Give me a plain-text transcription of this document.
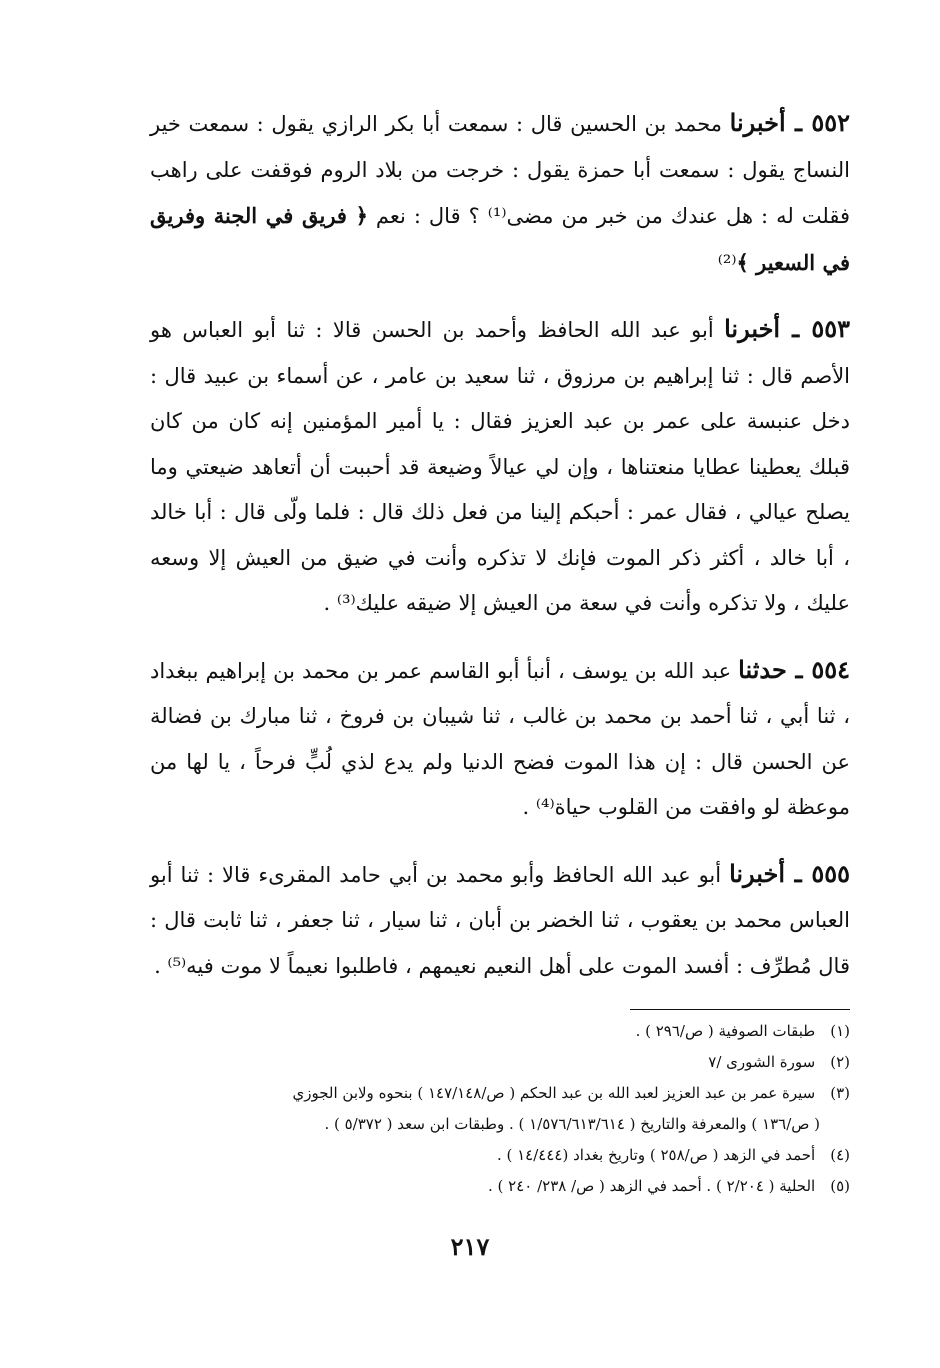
٥٥٢ ـ أخبرنا محمد بن الحسين قال : سمعت أبا بكر الرازي يقول : سمعت خير النساج يقول : سمعت أبا حمزة يقول : خرجت من بلاد الروم فوقفت على راهب فقلت له : هل عندك من خبر من مضى⁽¹⁾ ؟ قال : نعم ﴿ فريق في الجنة وفريق في السعير ﴾⁽²⁾

٥٥٣ ـ أخبرنا أبو عبد الله الحافظ وأحمد بن الحسن قالا : ثنا أبو العباس هو الأصم قال : ثنا إبراهيم بن مرزوق ، ثنا سعيد بن عامر ، عن أسماء بن عبيد قال : دخل عنبسة على عمر بن عبد العزيز فقال : يا أمير المؤمنين إنه كان من كان قبلك يعطينا عطايا منعتناها ، وإن لي عيالاً وضيعة قد أحببت أن أتعاهد ضيعتي وما يصلح عيالي ، فقال عمر : أحبكم إلينا من فعل ذلك قال : فلما ولّى قال : أبا خالد ، أبا خالد ، أكثر ذكر الموت فإنك لا تذكره وأنت في ضيق من العيش إلا وسعه عليك ، ولا تذكره وأنت في سعة من العيش إلا ضيقه عليك⁽³⁾ .

٥٥٤ ـ حدثنا عبد الله بن يوسف ، أنبأ أبو القاسم عمر بن محمد بن إبراهيم ببغداد ، ثنا أبي ، ثنا أحمد بن محمد بن غالب ، ثنا شيبان بن فروخ ، ثنا مبارك بن فضالة عن الحسن قال : إن هذا الموت فضح الدنيا ولم يدع لذي لُبٍّ فرحاً ، يا لها من موعظة لو وافقت من القلوب حياة⁽⁴⁾ .

٥٥٥ ـ أخبرنا أبو عبد الله الحافظ وأبو محمد بن أبي حامد المقرىء قالا : ثنا أبو العباس محمد بن يعقوب ، ثنا الخضر بن أبان ، ثنا سيار ، ثنا جعفر ، ثنا ثابت قال : قال مُطرِّف : أفسد الموت على أهل النعيم نعيمهم ، فاطلبوا نعيماً لا موت فيه⁽⁵⁾ .

(١) طبقات الصوفية ( ص/٢٩٦ ) .

(٢) سورة الشورى /٧

(٣) سيرة عمر بن عبد العزيز لعبد الله بن عبد الحكم ( ص/١٤٧/١٤٨ ) بنحوه ولابن الجوزي

( ص/١٣٦ ) والمعرفة والتاريخ ( ١/٥٧٦/٦١٣/٦١٤ ) . وطبقات ابن سعد ( ٥/٣٧٢ ) .

(٤) أحمد في الزهد ( ص/٢٥٨ ) وتاريخ بغداد (١٤/٤٤٤ ) .

(٥) الحلية ( ٢/٢٠٤ ) . أحمد في الزهد ( ص/ ٢٣٨/ ٢٤٠ ) .

٢١٧
